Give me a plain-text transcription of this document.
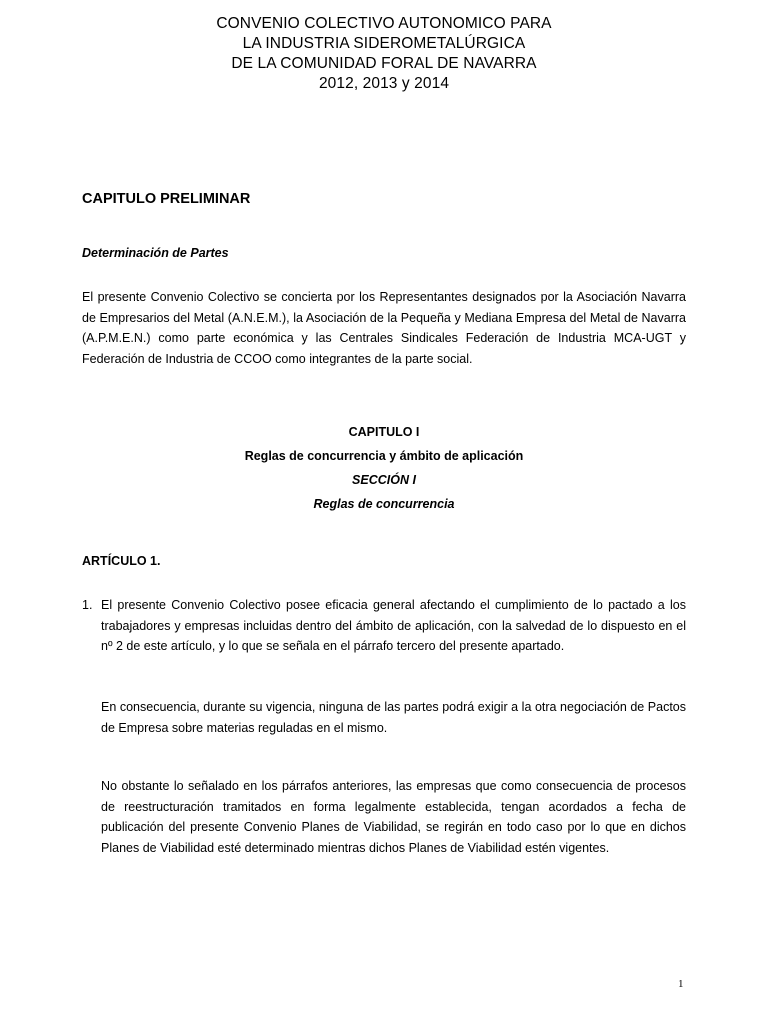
CONVENIO COLECTIVO AUTONOMICO PARA
LA INDUSTRIA SIDEROMETALÚRGICA
DE LA COMUNIDAD FORAL DE NAVARRA
2012, 2013 y 2014
CAPITULO PRELIMINAR
Determinación de Partes
El presente Convenio Colectivo se concierta por los Representantes designados por la Asociación Navarra de Empresarios del Metal (A.N.E.M.), la Asociación de la Pequeña y Mediana Empresa del Metal de Navarra (A.P.M.E.N.) como parte económica y las Centrales Sindicales Federación de Industria MCA-UGT y Federación de Industria de CCOO como integrantes de la parte social.
CAPITULO I
Reglas de concurrencia y ámbito de aplicación
SECCIÓN I
Reglas de concurrencia
ARTÍCULO 1.
1. El presente Convenio Colectivo posee eficacia general afectando el cumplimiento de lo pactado a los trabajadores y empresas incluidas dentro del ámbito de aplicación, con la salvedad de lo dispuesto en el nº 2 de este artículo, y lo que se señala en el párrafo tercero del presente apartado.
En consecuencia, durante su vigencia, ninguna de las partes podrá exigir a la otra negociación de Pactos de Empresa sobre materias reguladas en el mismo.
No obstante lo señalado en los párrafos anteriores, las empresas que como consecuencia de procesos de reestructuración tramitados en forma legalmente establecida, tengan acordados a fecha de publicación del presente Convenio Planes de Viabilidad, se regirán en todo caso por lo que en dichos Planes de Viabilidad esté determinado mientras dichos Planes de Viabilidad estén vigentes.
1
